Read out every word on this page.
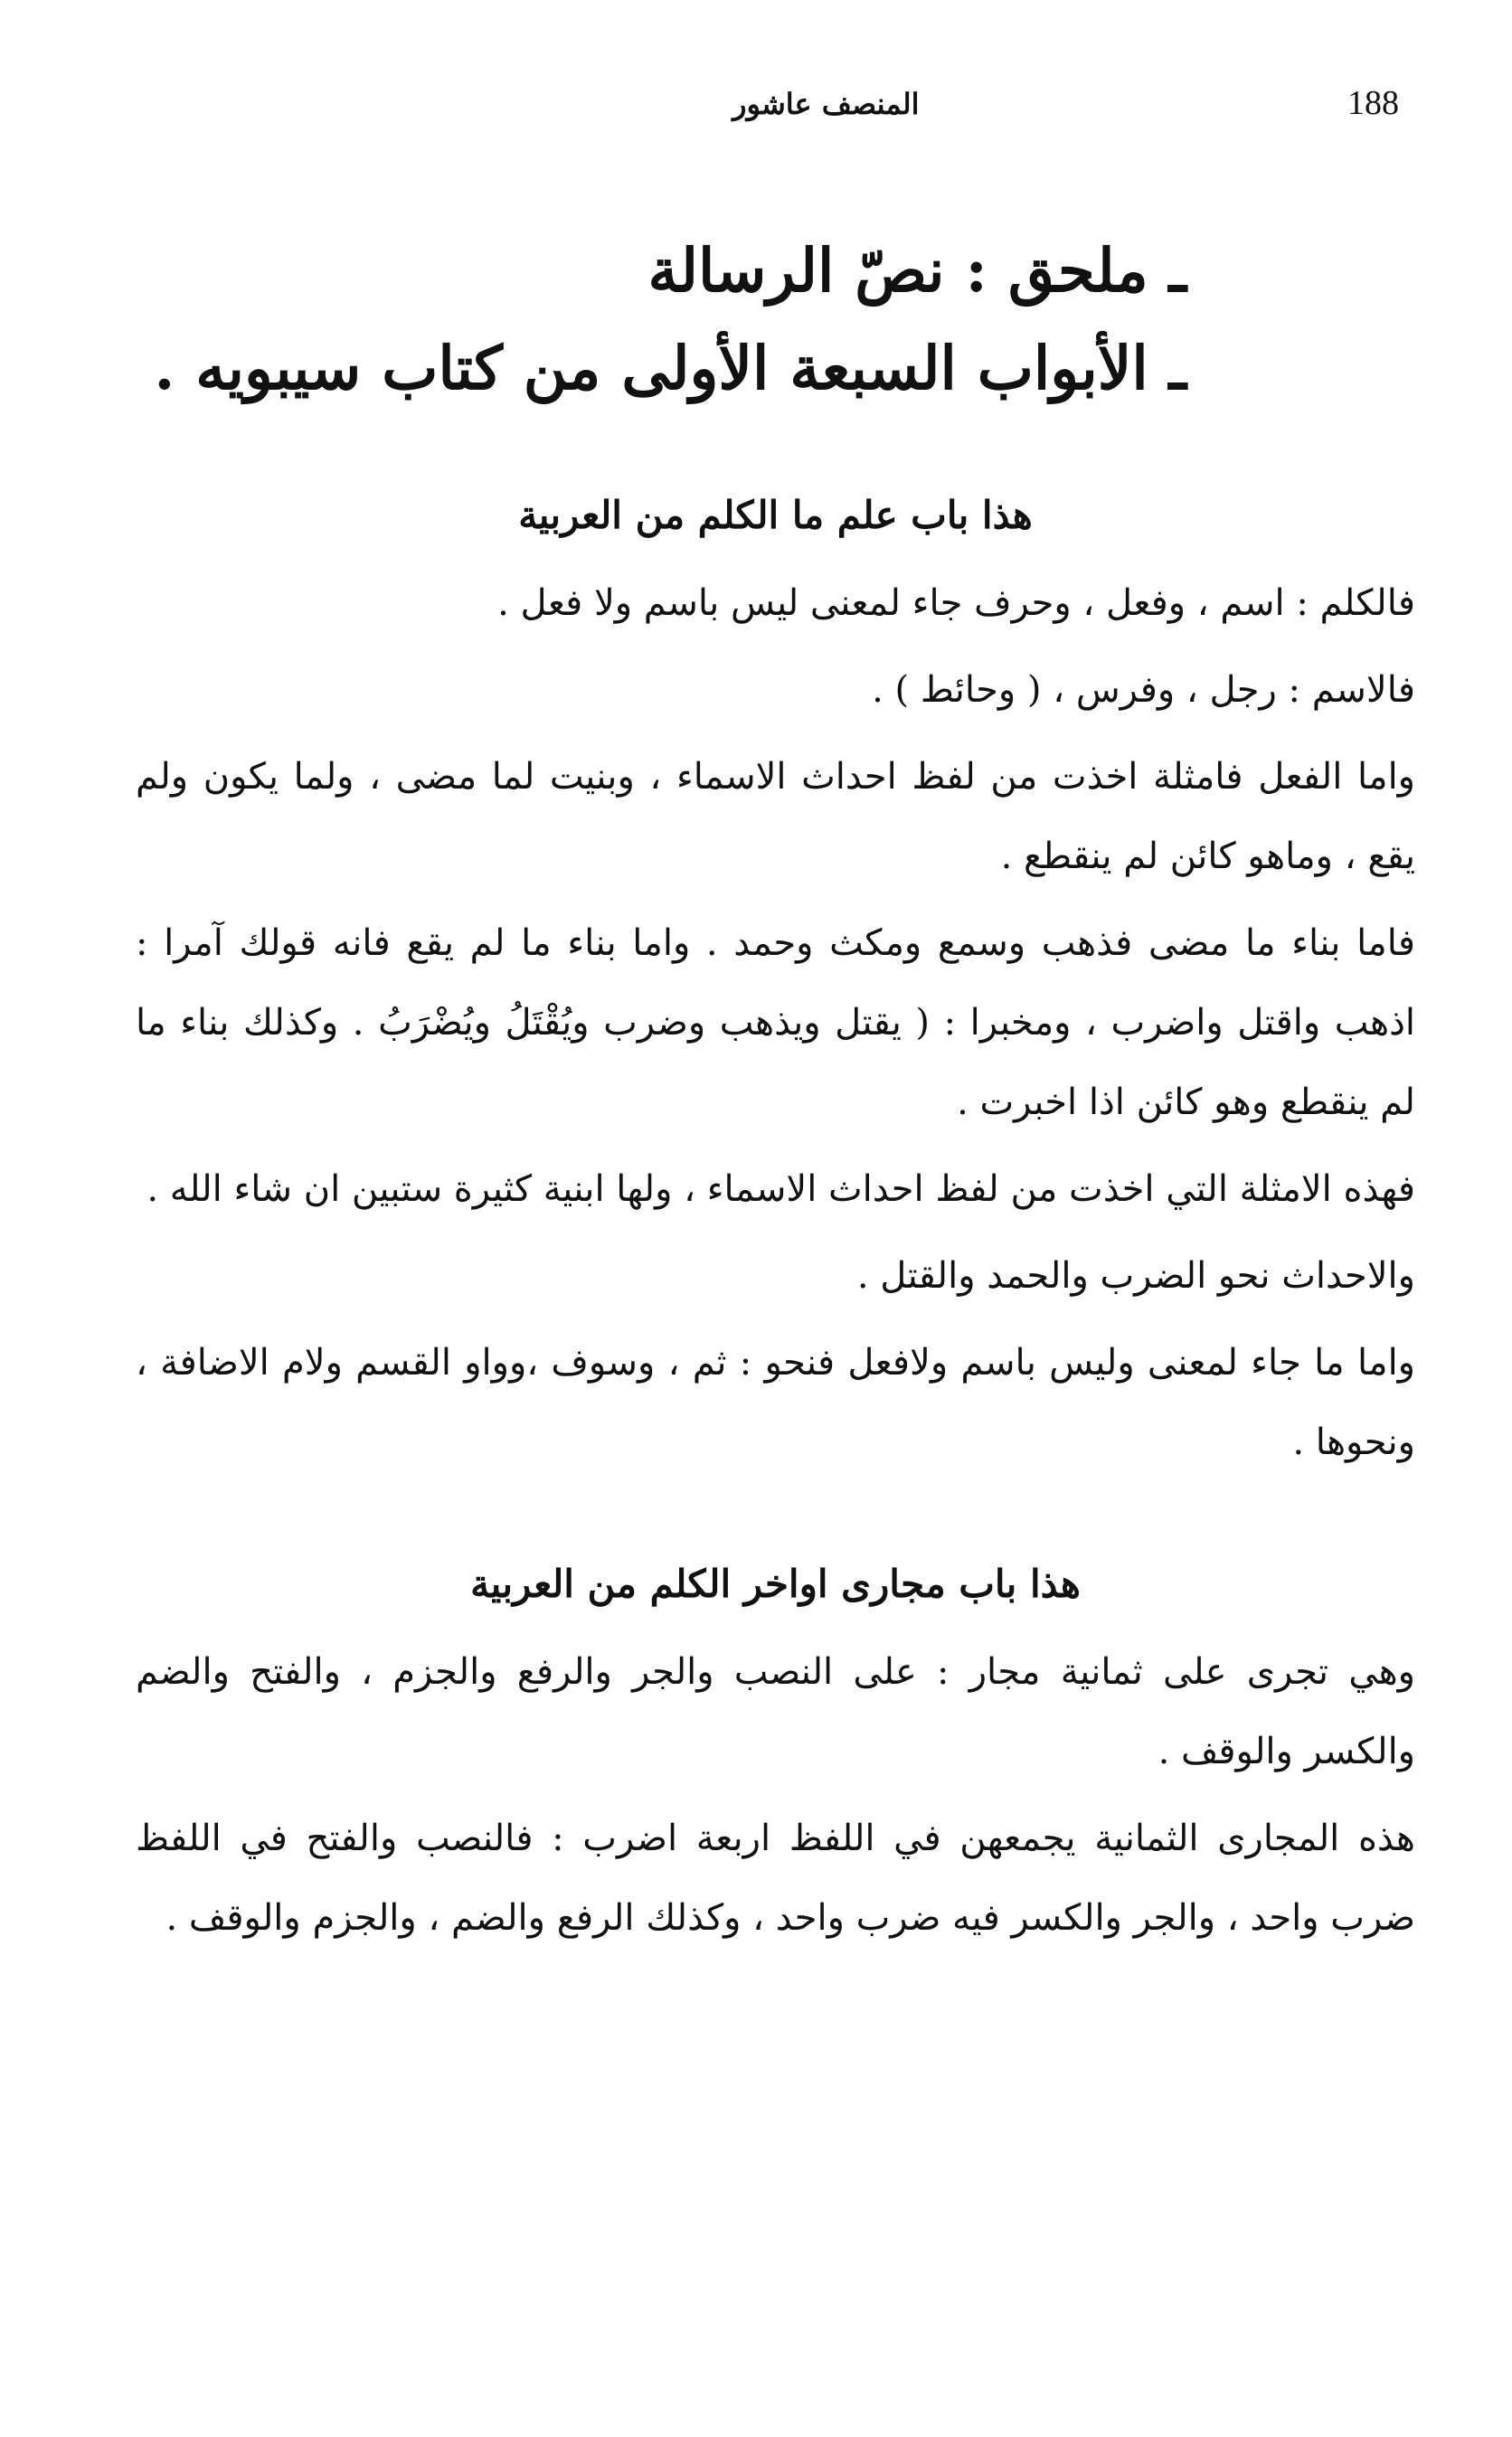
المنصف عاشور	188
ـ ملحق : نصّ الرسالة
ـ الأبواب السبعة الأولى من كتاب سيبويه .
هذا باب علم ما الكلم من العربية

فالكلم : اسم ، وفعل ، وحرف جاء لمعنى ليس باسم ولا فعل .

فالاسم : رجل ، وفرس ، ( وحائط ) .

واما الفعل فامثلة اخذت من لفظ احداث الاسماء ، وبنيت لما مضى ، ولما يكون ولم يقع ، وماهو كائن لم ينقطع .

فاما بناء ما مضى فذهب وسمع ومكث وحمد . واما بناء ما لم يقع فانه قولك آمرا : اذهب واقتل واضرب ، ومخبرا : ( يقتل ويذهب وضرب ويُقْتَلُ ويُضْرَبُ . وكذلك بناء ما لم ينقطع وهو كائن اذا اخبرت .

فهذه الامثلة التي اخذت من لفظ احداث الاسماء ، ولها ابنية كثيرة ستبين ان شاء الله .

والاحداث نحو الضرب والحمد والقتل .

واما ما جاء لمعنى وليس باسم ولافعل فنحو : ثم ، وسوف ،وواو القسم ولام الاضافة ، ونحوها .

هذا باب مجارى اواخر الكلم من العربية

وهي تجرى على ثمانية مجار : على النصب والجر والرفع والجزم ، والفتح والضم والكسر والوقف .

هذه المجارى الثمانية يجمعهن في اللفظ اربعة اضرب : فالنصب والفتح في اللفظ ضرب واحد ، والجر والكسر فيه ضرب واحد ، وكذلك الرفع والضم ، والجزم والوقف .
